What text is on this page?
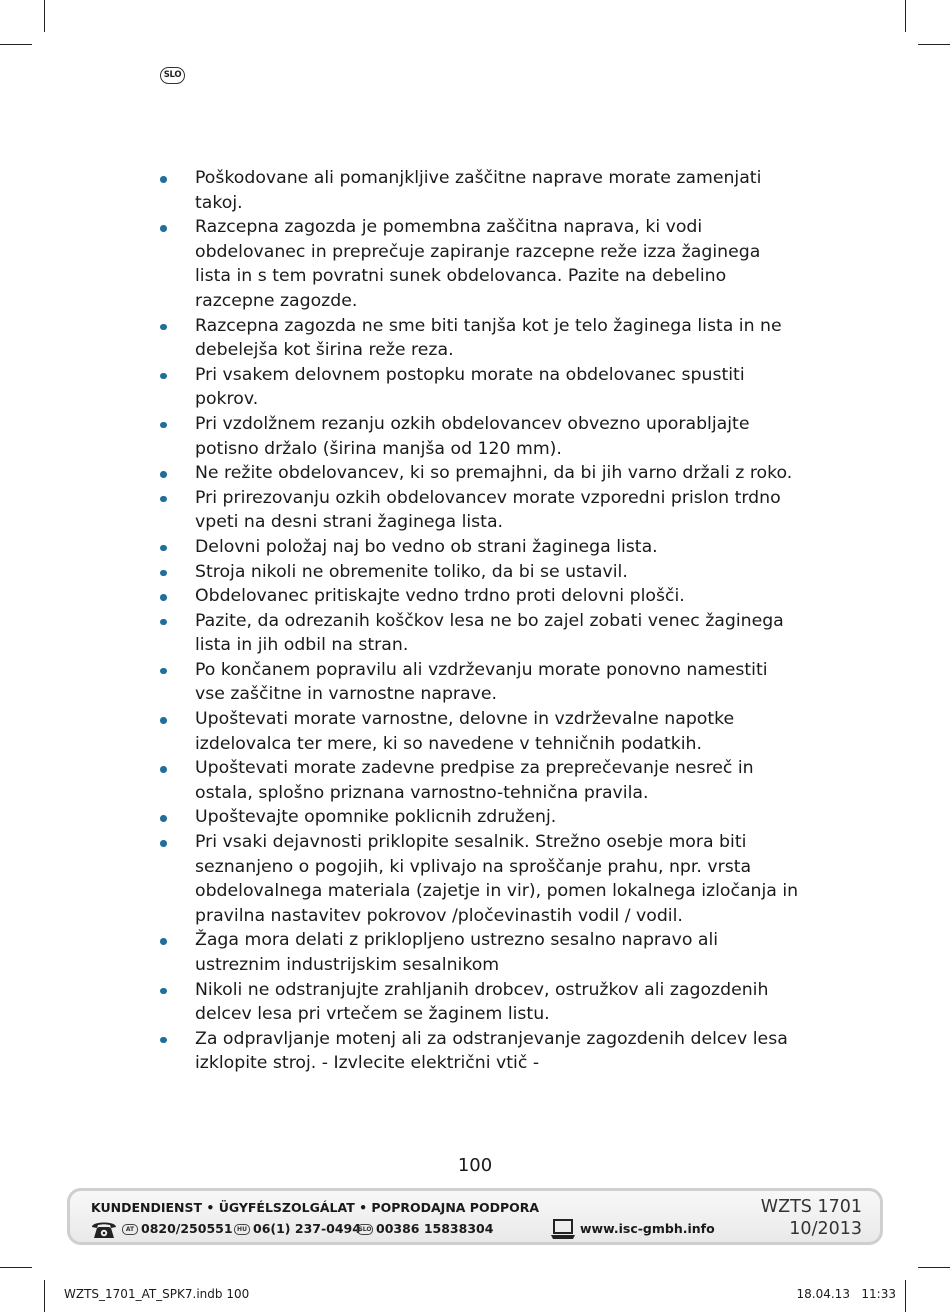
SLO
Poškodovane ali pomanjkljive zaščitne naprave morate zamenjati
takoj.
Razcepna zagozda je pomembna zaščitna naprava, ki vodi
obdelovanec in preprečuje zapiranje razcepne reže izza žaginega
lista in s tem povratni sunek obdelovanca. Pazite na debelino
razcepne zagozde.
Razcepna zagozda ne sme biti tanjša kot je telo žaginega lista in ne
debelejša kot širina reže reza.
Pri vsakem delovnem postopku morate na obdelovanec spustiti
pokrov.
Pri vzdolžnem rezanju ozkih obdelovancev obvezno uporabljajte
potisno držalo (širina manjša od 120 mm).
Ne režite obdelovancev, ki so premajhni, da bi jih varno držali z roko.
Pri prirezovanju ozkih obdelovancev morate vzporedni prislon trdno
vpeti na desni strani žaginega lista.
Delovni položaj naj bo vedno ob strani žaginega lista.
Stroja nikoli ne obremenite toliko, da bi se ustavil.
Obdelovanec pritiskajte vedno trdno proti delovni plošči.
Pazite, da odrezanih koščkov lesa ne bo zajel zobati venec žaginega
lista in jih odbil na stran.
Po končanem popravilu ali vzdrževanju morate ponovno namestiti
vse zaščitne in varnostne naprave.
Upoštevati morate varnostne, delovne in vzdrževalne napotke
izdelovalca ter mere, ki so navedene v tehničnih podatkih.
Upoštevati morate zadevne predpise za preprečevanje nesreč in
ostala, splošno priznana varnostno-tehnična pravila.
Upoštevajte opomnike poklicnih združenj.
Pri vsaki dejavnosti priklopite sesalnik. Strežno osebje mora biti
seznanjeno o pogojih, ki vplivajo na sproščanje prahu, npr. vrsta
obdelovalnega materiala (zajetje in vir), pomen lokalnega izločanja in
pravilna nastavitev pokrovov /pločevinastih vodil / vodil.
Žaga mora delati z priklopljeno ustrezno sesalno napravo ali
ustreznim industrijskim sesalnikom
Nikoli ne odstranjujte zrahljanih drobcev, ostružkov ali zagozdenih
delcev lesa pri vrtečem se žaginem listu.
Za odpravljanje motenj ali za odstranjevanje zagozdenih delcev lesa
izklopite stroj. - Izvlecite električni vtič -
100
KUNDENDIENST • ÜGYFÉLSZOLGÁLAT • POPRODAJNA PODPORA
AT 0820/250551 HU 06(1) 237-0494
SLO 00386 15838304	www.isc-gmbh.info
WZTS 1701
10/2013
WZTS_1701_AT_SPK7.indb 100	18.04.13 11:33
